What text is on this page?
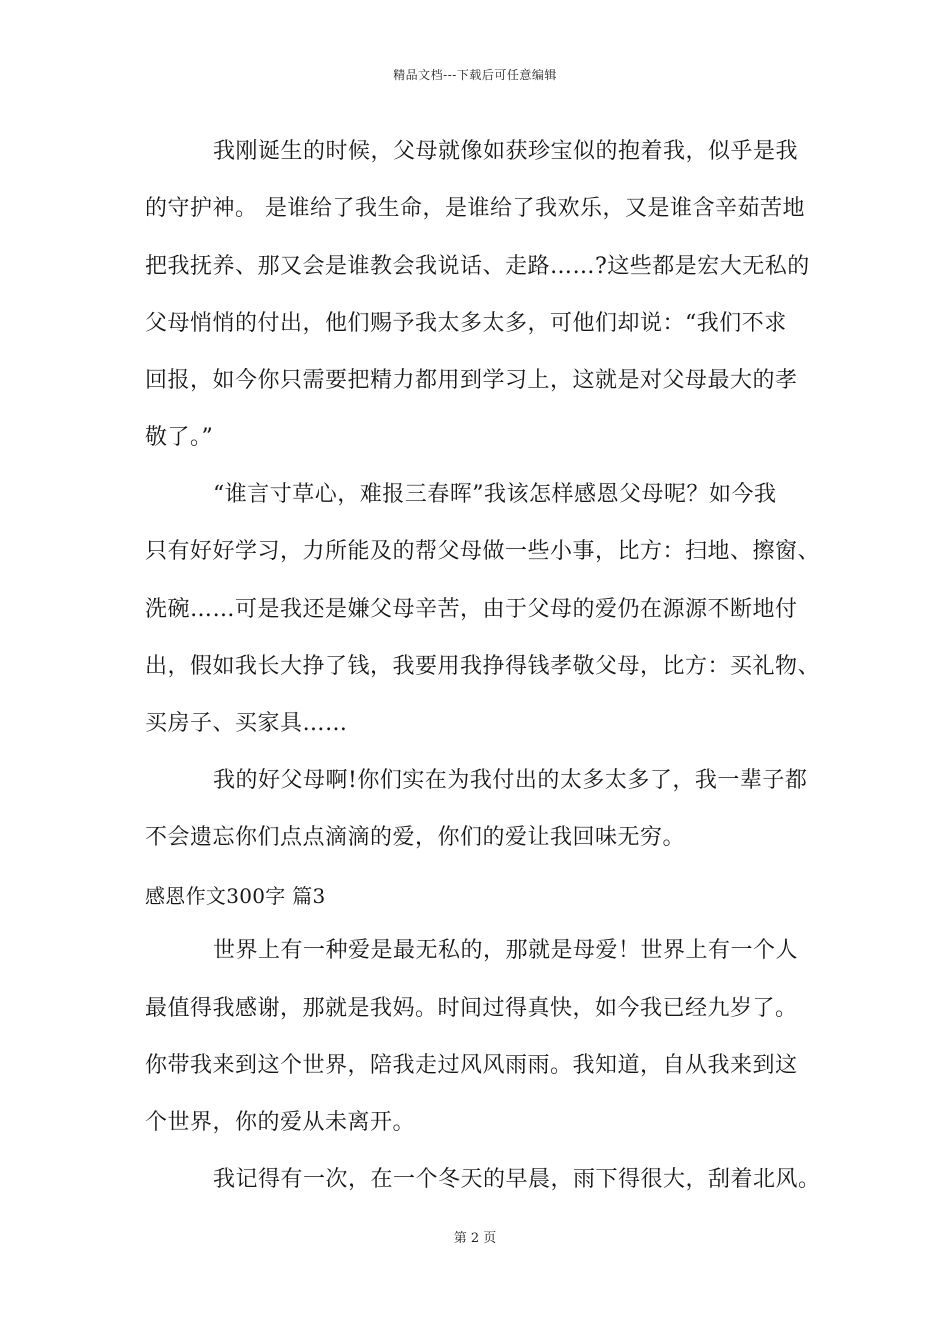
精品文档---下载后可任意编辑
我刚诞生的时候，父母就像如获珍宝似的抱着我，似乎是我
的守护神。 是谁给了我生命，是谁给了我欢乐，又是谁含辛茹苦地
把我抚养、那又会是谁教会我说话、走路……?这些都是宏大无私的
父母悄悄的付出，他们赐予我太多太多，可他们却说：“我们不求
回报，如今你只需要把精力都用到学习上，这就是对父母最大的孝
敬了。”
“谁言寸草心，难报三春晖”我该怎样感恩父母呢？如今我
只有好好学习，力所能及的帮父母做一些小事，比方：扫地、擦窗、
洗碗……可是我还是嫌父母辛苦，由于父母的爱仍在源源不断地付
出，假如我长大挣了钱，我要用我挣得钱孝敬父母，比方：买礼物、
买房子、买家具……
我的好父母啊!你们实在为我付出的太多太多了，我一辈子都
不会遗忘你们点点滴滴的爱，你们的爱让我回味无穷。
感恩作文300字 篇3
世界上有一种爱是最无私的，那就是母爱！世界上有一个人
最值得我感谢，那就是我妈。时间过得真快，如今我已经九岁了。
你带我来到这个世界，陪我走过风风雨雨。我知道，自从我来到这
个世界，你的爱从未离开。
我记得有一次，在一个冬天的早晨，雨下得很大，刮着北风。
第 2 页
